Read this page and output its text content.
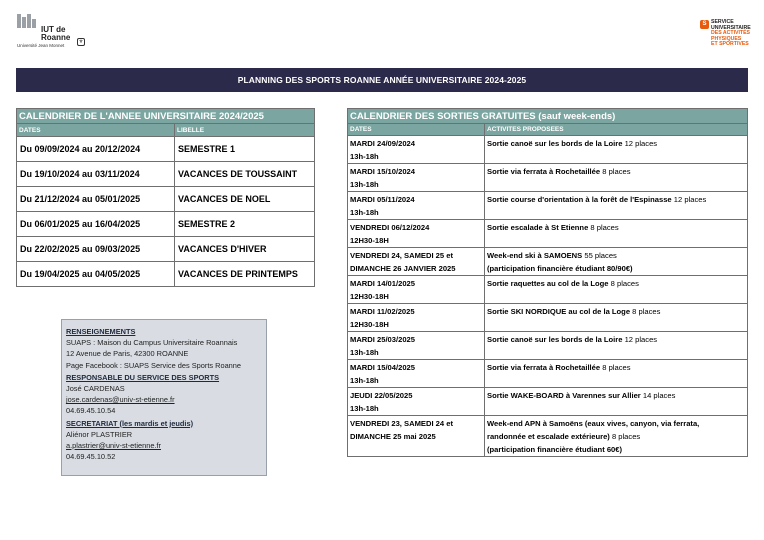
IUT de
Roanne
Université Jean Monnet
⚜
S SERVICE
UNIVERSITAIRE
DES ACTIVITÉS
PHYSIQUES
ET SPORTIVES
PLANNING DES SPORTS ROANNE ANNÉE UNIVERSITAIRE 2024-2025
CALENDRIER DE L'ANNEE UNIVERSITAIRE 2024/2025	
DATES	LIBELLE
Du 09/09/2024 au 20/12/2024	SEMESTRE 1
Du 19/10/2024 au 03/11/2024	VACANCES DE TOUSSAINT
Du 21/12/2024 au 05/01/2025	VACANCES DE NOEL
Du 06/01/2025 au 16/04/2025	SEMESTRE 2
Du 22/02/2025 au 09/03/2025	VACANCES D'HIVER
Du 19/04/2025 au 04/05/2025	VACANCES DE PRINTEMPS
CALENDRIER DES SORTIES GRATUITES (sauf week-ends)	
DATES	ACTIVITES PROPOSEES

MARDI 24/09/2024
13h-18h	Sortie canoë sur les bords de la Loire 12 places

MARDI 15/10/2024
13h-18h	Sortie via ferrata à Rochetaillée 8 places

MARDI 05/11/2024
13h-18h	Sortie course d'orientation à la forêt de l'Espinasse 12 places

VENDREDI 06/12/2024
12H30-18H	Sortie escalade à St Etienne 8 places

VENDREDI 24, SAMEDI 25 et
DIMANCHE 26 JANVIER 2025	Week-end ski à SAMOENS 55 places
(participation financière étudiant 80/90€)

MARDI 14/01/2025
12H30-18H	Sortie raquettes au col de la Loge 8 places

MARDI 11/02/2025
12H30-18H	Sortie SKI NORDIQUE au col de la Loge 8 places

MARDI 25/03/2025
13h-18h	Sortie canoë sur les bords de la Loire 12 places

MARDI 15/04/2025
13h-18h	Sortie via ferrata à Rochetaillée 8 places

JEUDI 22/05/2025
13h-18h	Sortie WAKE-BOARD à Varennes sur Allier 14 places

VENDREDI 23, SAMEDI 24 et
DIMANCHE 25 mai 2025	Week-end APN à Samoëns (eaux vives, canyon, via ferrata,
randonnée et escalade extérieure) 8 places
(participation financière étudiant 60€)
RENSEIGNEMENTS
SUAPS : Maison du Campus Universitaire Roannais
12 Avenue de Paris, 42300 ROANNE
Page Facebook : SUAPS Service des Sports Roanne
RESPONSABLE DU SERVICE DES SPORTS
José CARDENAS
jose.cardenas@univ-st-etienne.fr
04.69.45.10.54
SECRETARIAT (les mardis et jeudis)
Aliénor PLASTRIER
a.plastrier@univ-st-etienne.fr
04.69.45.10.52
